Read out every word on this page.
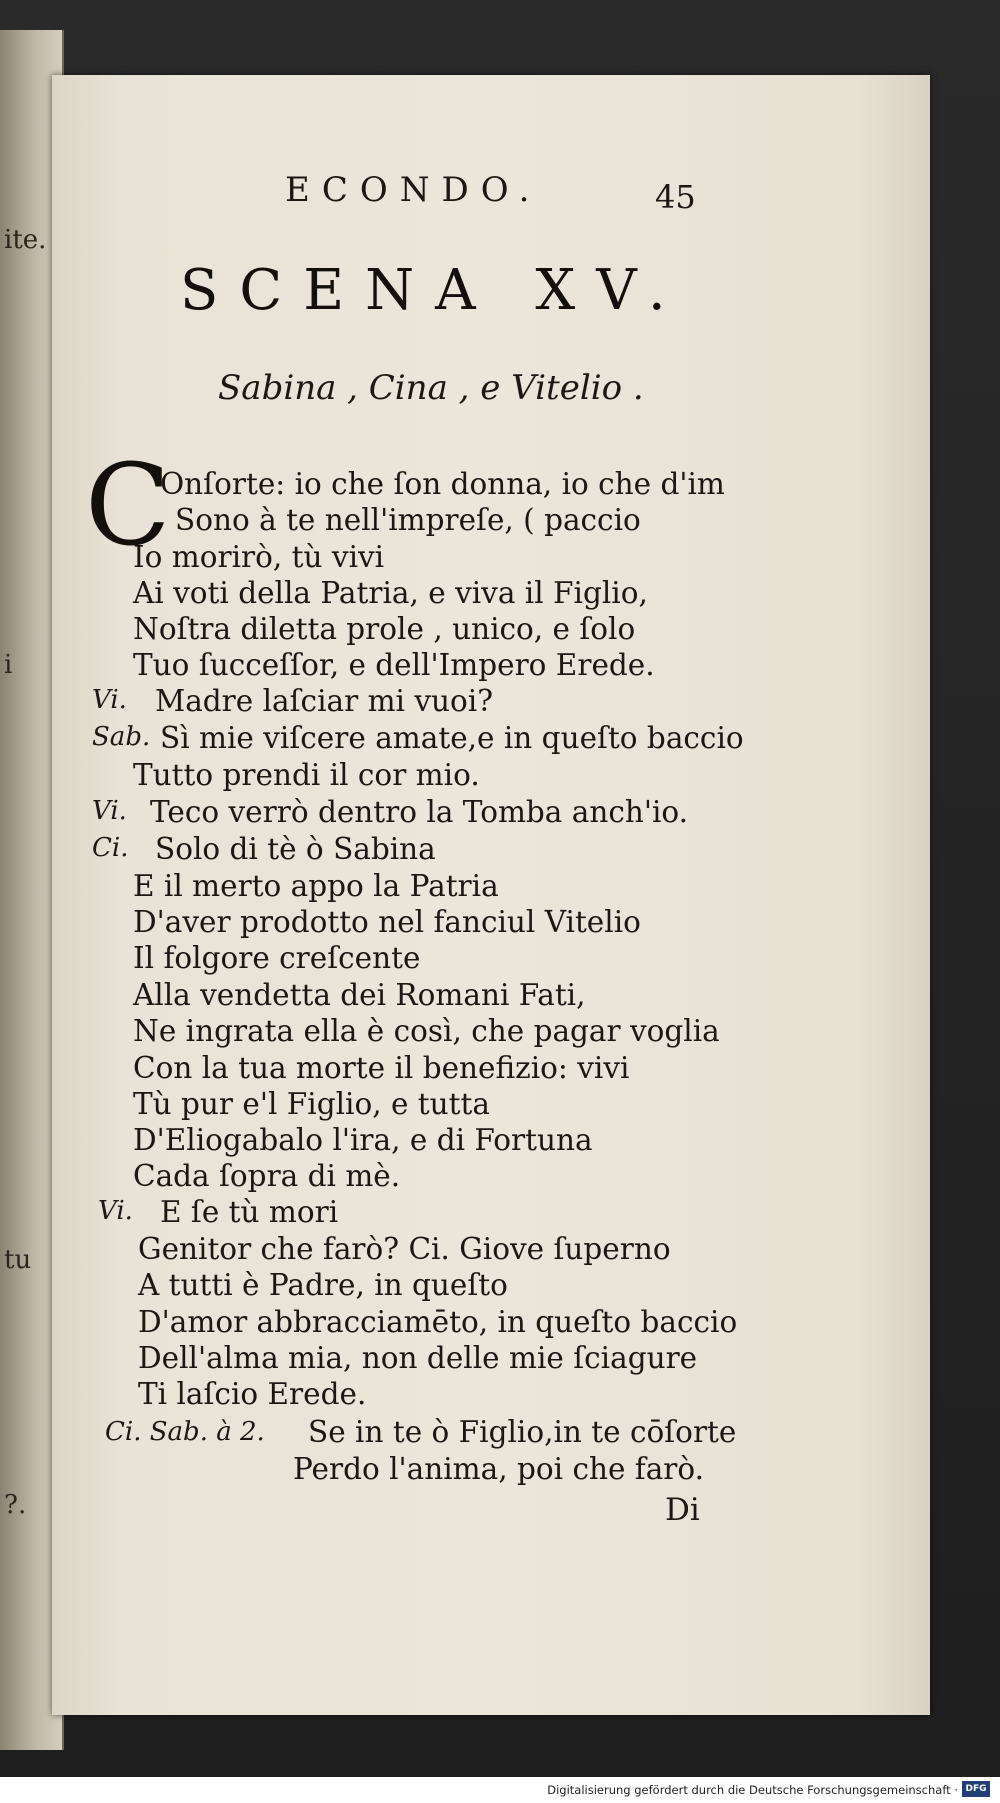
ite.
i
tu
?.
ECONDO.	45
SCENA XV.
Sabina , Cina , e Vitelio .
C
Onſorte: io che ſon donna, io che d'im
Sono à te nell'impreſe, ( paccio
Io morirò, tù vivi
Ai voti della Patria, e viva il Figlio,
Noſtra diletta prole , unico, e ſolo
Tuo ſucceſſor, e dell'Impero Erede.
Vi. Madre laſciar mi vuoi?
Sab. Sì mie viſcere amate,e in queſto baccio
Tutto prendi il cor mio.
Vi. Teco verrò dentro la Tomba anch'io.
Ci. Solo di tè ò Sabina
E il merto appo la Patria
D'aver prodotto nel fanciul Vitelio
Il folgore creſcente
Alla vendetta dei Romani Fati,
Ne ingrata ella è così, che pagar voglia
Con la tua morte il benefizio: vivi
Tù pur e'l Figlio, e tutta
D'Eliogabalo l'ira, e di Fortuna
Cada ſopra di mè.
Vi. E ſe tù mori
Genitor che farò? Ci. Giove ſuperno
A tutti è Padre, in queſto
D'amor abbracciamēto, in queſto baccio
Dell'alma mia, non delle mie ſciagure
Ti laſcio Erede.
Ci. Sab. à 2. Se in te ò Figlio,in te cōſorte
Perdo l'anima, poi che farò.
Di
Digitalisierung gefördert durch die Deutsche Forschungsgemeinschaft · DFG
